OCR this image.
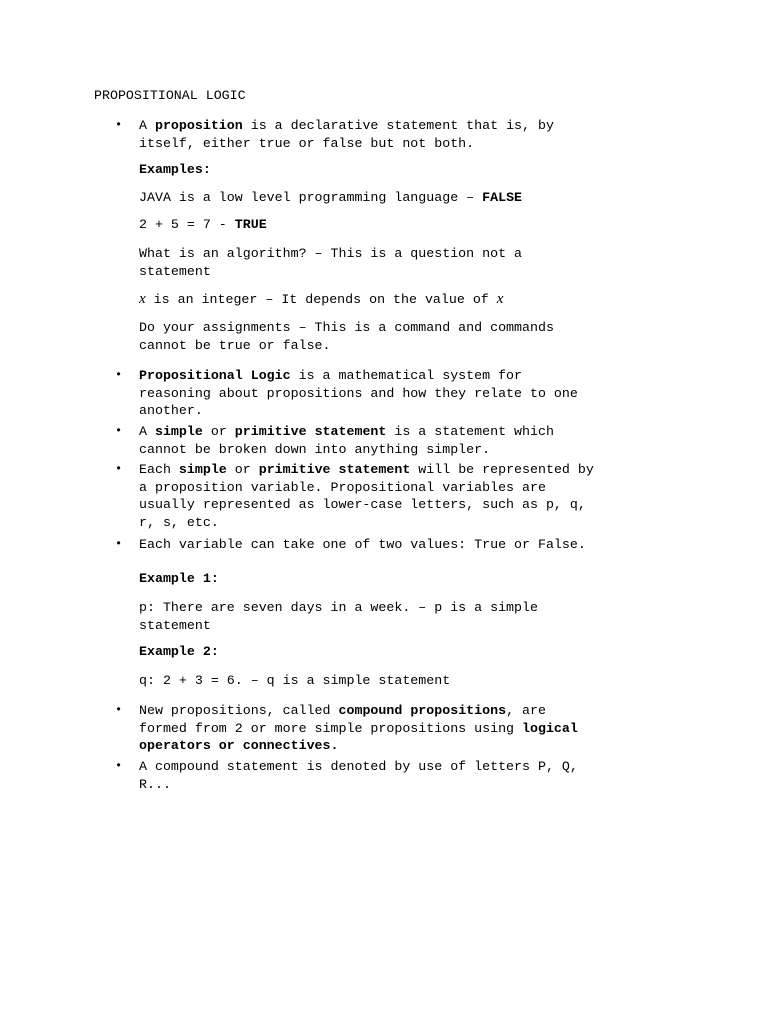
PROPOSITIONAL LOGIC
• A proposition is a declarative statement that is, by
itself, either true or false but not both.
Examples:
JAVA is a low level programming language – FALSE
2 + 5 = 7 - TRUE
What is an algorithm? – This is a question not a
statement
x is an integer – It depends on the value of x
Do your assignments – This is a command and commands
cannot be true or false.
• Propositional Logic is a mathematical system for
reasoning about propositions and how they relate to one
another.
• A simple or primitive statement is a statement which
cannot be broken down into anything simpler.
• Each simple or primitive statement will be represented by
a proposition variable. Propositional variables are
usually represented as lower-case letters, such as p, q,
r, s, etc.
• Each variable can take one of two values: True or False.
Example 1:
p: There are seven days in a week. – p is a simple
statement
Example 2:
q: 2 + 3 = 6. – q is a simple statement
• New propositions, called compound propositions, are
formed from 2 or more simple propositions using logical
operators or connectives.
• A compound statement is denoted by use of letters P, Q,
R...
